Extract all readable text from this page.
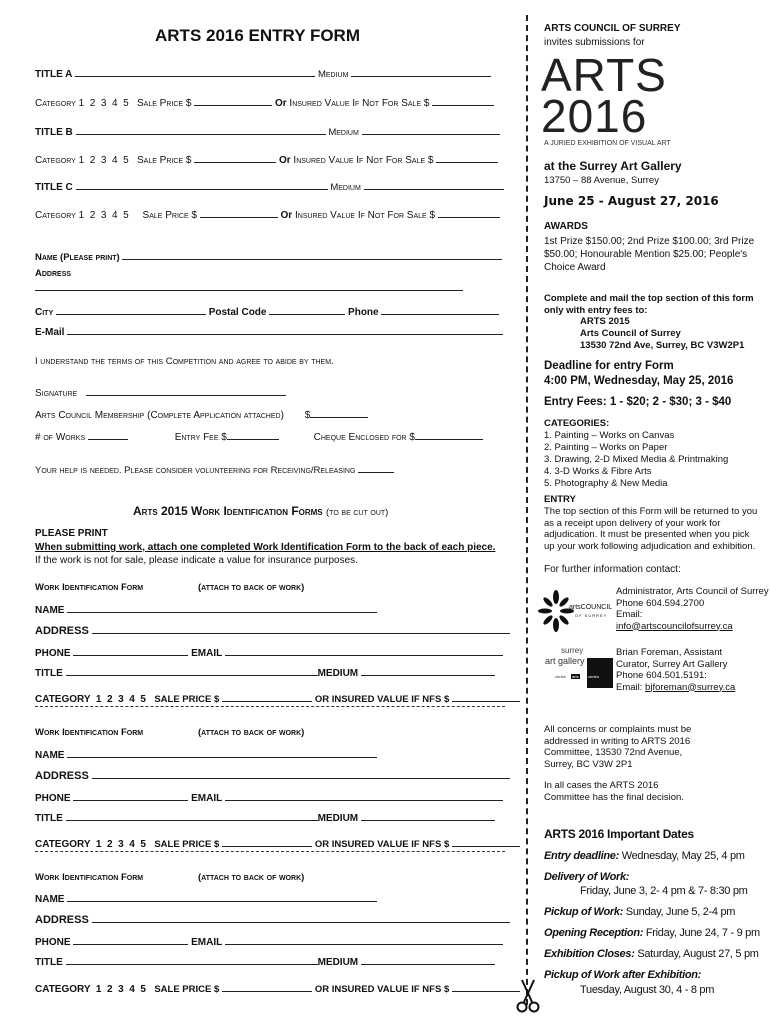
ARTS 2016 ENTRY FORM
TITLE A	Medium
Category 1  2  3  4  5 Sale Price $	Or Insured Value If Not For Sale $
TITLE B	Medium
Category 1  2  3  4  5 Sale Price $	Or Insured Value If Not For Sale $
TITLE C	Medium
Category 1  2  3  4  5 Sale Price $	Or Insured Value If Not For Sale $
Name (Please print)
Address
City	Postal Code	Phone
E-Mail
I understand the terms of this Competition and agree to abide by them.
Signature
Arts Council Membership (Complete Application attached) $
# of Works	Entry Fee $	Cheque Enclosed for $
Your help is needed. Please consider volunteering for Receiving/Releasing
Arts 2015 Work Identification Forms (to be cut out)
PLEASE PRINT
When submitting work, attach one completed Work Identification Form to the back of each piece.
If the work is not for sale, please indicate a value for insurance purposes.
Work Identification Form	(attach to back of work)
NAME
ADDRESS
PHONE	EMAIL
TITLE	MEDIUM
CATEGORY  1  2  3  4  5 SALE PRICE $	OR INSURED VALUE IF NFS $
Work Identification Form	(attach to back of work)
NAME
ADDRESS
PHONE	EMAIL
TITLE	MEDIUM
CATEGORY  1  2  3  4  5 SALE PRICE $	OR INSURED VALUE IF NFS $
Work Identification Form	(attach to back of work)
NAME
ADDRESS
PHONE	EMAIL
TITLE	MEDIUM
CATEGORY  1  2  3  4  5 SALE PRICE $	OR INSURED VALUE IF NFS $
ARTS COUNCIL OF SURREY
invites submissions for
ARTS
2016
A JURIED EXHIBITION OF VISUAL ART
at the Surrey Art Gallery
13750 – 88 Avenue, Surrey
June 25 - August 27, 2016
AWARDS
1st Prize $150.00; 2nd Prize $100.00; 3rd Prize $50.00; Honourable Mention $25.00; People's Choice Award
Complete and mail the top section of this form only with entry fees to:
ARTS 2015
Arts Council of Surrey
13530 72nd Ave, Surrey, BC V3W2P1
Deadline for entry Form
4:00 PM, Wednesday, May 25, 2016
Entry Fees: 1 - $20; 2 - $30; 3 - $40
CATEGORIES:
1. Painting – Works on Canvas
2. Painting – Works on Paper
3. Drawing, 2-D Mixed Media & Printmaking
4. 3-D Works & Fibre Arts
5. Photography & New Media
ENTRY
The top section of this Form will be returned to you as a receipt upon delivery of your work for adjudication. It must be presented when you pick up your work following adjudication and exhibition.
For further information contact:
artsCOUNCIL
OF SURREY
Administrator, Arts Council of Surrey
Phone 604.594.2700
Email:
info@artscouncilofsurrey.ca
surrey
art gallery
centre arts centro
Brian Foreman, Assistant
Curator, Surrey Art Gallery
Phone 604.501.5191:
Email: bjforeman@surrey.ca
All concerns or complaints must be addressed in writing to ARTS 2016 Committee, 13530 72nd Avenue, Surrey, BC V3W 2P1
In all cases the ARTS 2016 Committee has the final decision.
ARTS 2016 Important Dates
Entry deadline: Wednesday, May 25, 4 pm
Delivery of Work:
Friday, June 3, 2- 4 pm & 7- 8:30 pm
Pickup of Work: Sunday, June 5, 2-4 pm
Opening Reception: Friday, June 24, 7 - 9 pm
Exhibition Closes: Saturday, August 27, 5 pm
Pickup of Work after Exhibition:
Tuesday, August 30, 4 - 8 pm
